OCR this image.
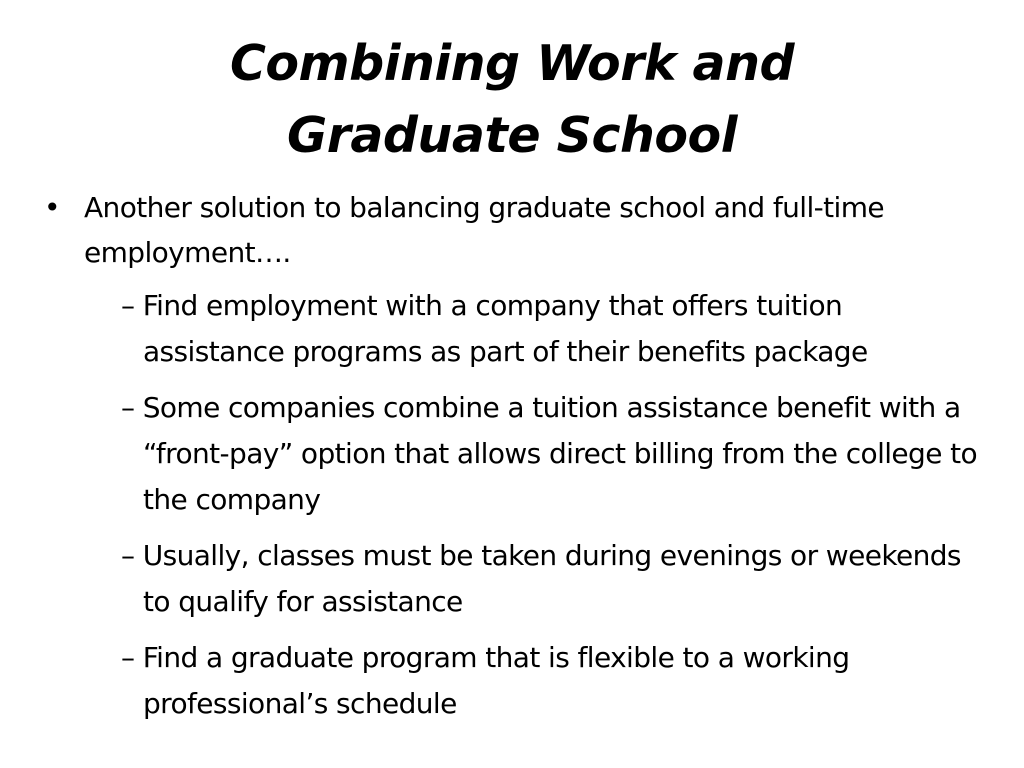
Combining Work and
Graduate School
• Another solution to balancing graduate school and full-time employment….
– Find employment with a company that offers tuition assistance programs as part of their benefits package
– Some companies combine a tuition assistance benefit with a “front-pay” option that allows direct billing from the college to the company
– Usually, classes must be taken during evenings or weekends to qualify for assistance
– Find a graduate program that is flexible to a working professional’s schedule
